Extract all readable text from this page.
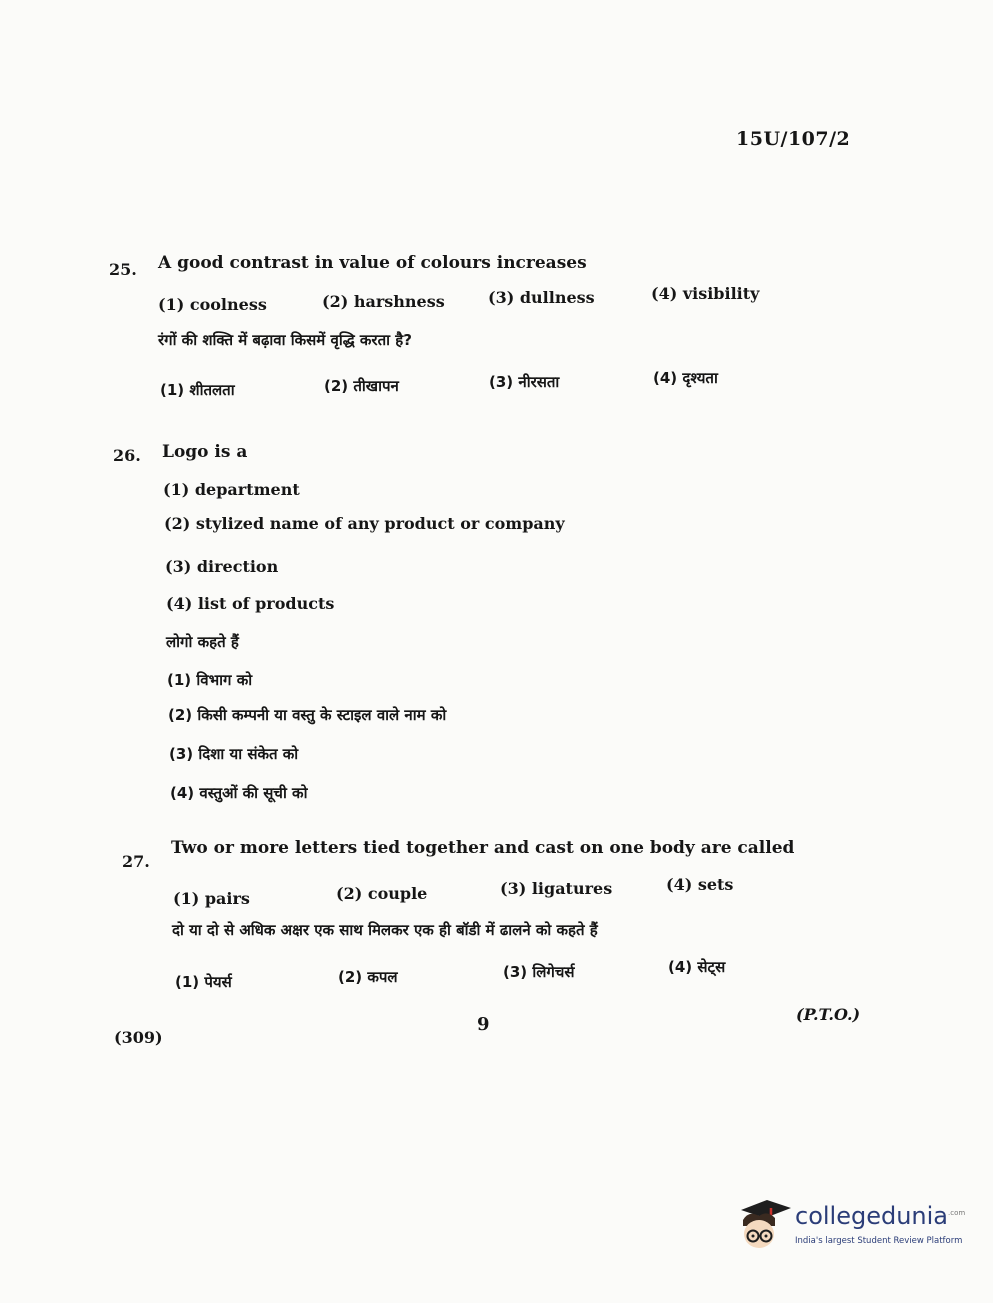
15U/107/2
25. A good contrast in value of colours increases
(1) coolness	(2) harshness	(3) dullness	(4) visibility
रंगों की शक्ति में बढ़ावा किसमें वृद्धि करता है?
(1) शीतलता	(2) तीखापन	(3) नीरसता	(4) दृश्यता
26. Logo is a
(1) department
(2) stylized name of any product or company
(3) direction
(4) list of products
लोगो कहते हैं
(1) विभाग को
(2) किसी कम्पनी या वस्तु के स्टाइल वाले नाम को
(3) दिशा या संकेत को
(4) वस्तुओं की सूची को
27.
Two or more letters tied together and cast on one body are called
(1) pairs	(2) couple	(3) ligatures	(4) sets
दो या दो से अधिक अक्षर एक साथ मिलकर एक ही बॉडी में ढालने को कहते हैं
(1) पेयर्स	(2) कपल	(3) लिगेचर्स	(4) सेट्स
9	(P.T.O.)
(309)
collegedunia$^{.com}$
India's largest Student Review Platform
